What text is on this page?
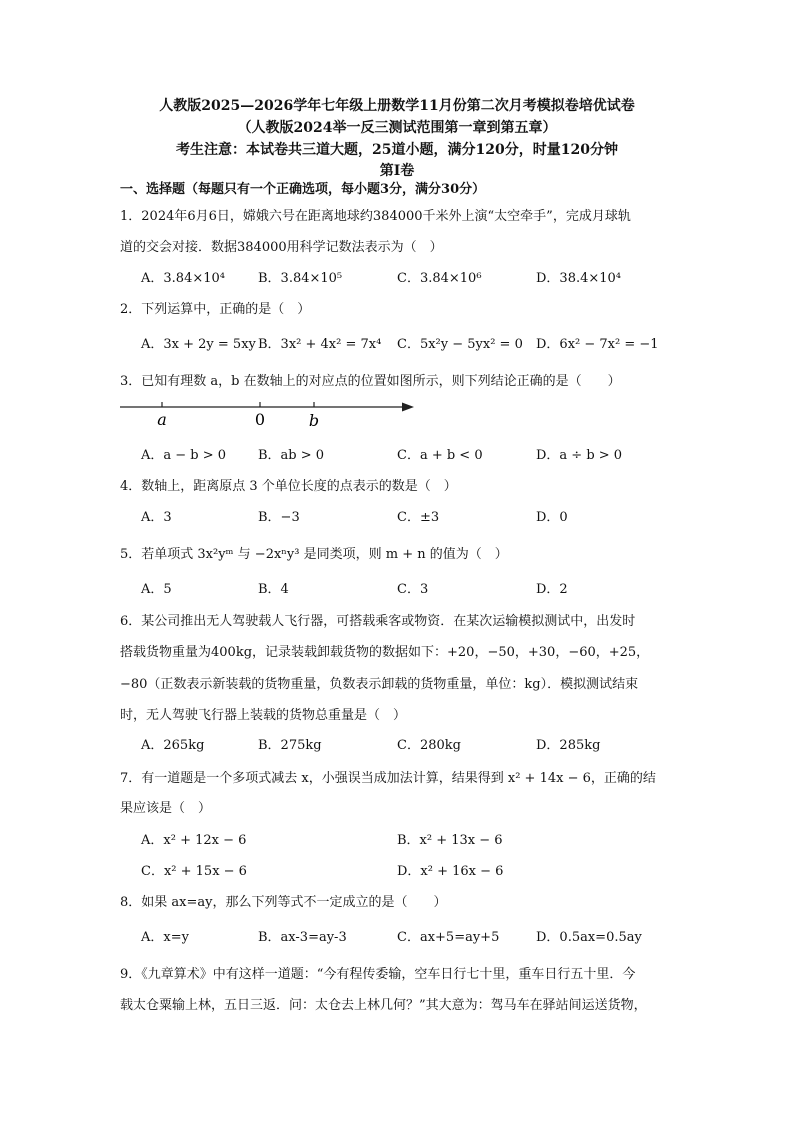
人教版2025—2026学年七年级上册数学11月份第二次月考模拟卷培优试卷
（人教版2024举一反三测试范围第一章到第五章）
考生注意：本试卷共三道大题，25道小题，满分120分，时量120分钟
第Ⅰ卷
一、选择题（每题只有一个正确选项，每小题3分，满分30分）
1．2024年6月6日，嫦娥六号在距离地球约384000千米外上演“太空牵手”，完成月球轨
道的交会对接．数据384000用科学记数法表示为（　）
A．3.84×10⁴	B．3.84×10⁵	C．3.84×10⁶	D．38.4×10⁴
2．下列运算中，正确的是（　）
A．3x + 2y = 5xy B．3x² + 4x² = 7x⁴ C．5x²y − 5yx² = 0 D．6x² − 7x² = −1
3．已知有理数 a，b 在数轴上的对应点的位置如图所示，则下列结论正确的是（　　）
a	0	b
A．a − b > 0 B．ab > 0	C．a + b < 0	D．a ÷ b > 0
4．数轴上，距离原点 3 个单位长度的点表示的数是（　）
A．3	B．−3	C．±3	D．0
5．若单项式 3x²yᵐ 与 −2xⁿy³ 是同类项，则 m + n 的值为（　）
A．5	B．4	C．3	D．2
6．某公司推出无人驾驶载人飞行器，可搭载乘客或物资．在某次运输模拟测试中，出发时
搭载货物重量为400kg，记录装载卸载货物的数据如下：+20，−50，+30，−60，+25，
−80（正数表示新装载的货物重量，负数表示卸载的货物重量，单位：kg）．模拟测试结束
时，无人驾驶飞行器上装载的货物总重量是（　）
A．265kg	B．275kg	C．280kg	D．285kg
7．有一道题是一个多项式减去 x，小强误当成加法计算，结果得到 x² + 14x − 6，正确的结
果应该是（　）
A．x² + 12x − 6	B．x² + 13x − 6
C．x² + 15x − 6	D．x² + 16x − 6
8．如果 ax=ay，那么下列等式不一定成立的是（　　）
A．x=y	B．ax-3=ay-3	C．ax+5=ay+5	D．0.5ax=0.5ay
9．《九章算术》中有这样一道题：“今有程传委输，空车日行七十里，重车日行五十里．今
载太仓粟输上林，五日三返．问：太仓去上林几何？”其大意为：驾马车在驿站间运送货物，
